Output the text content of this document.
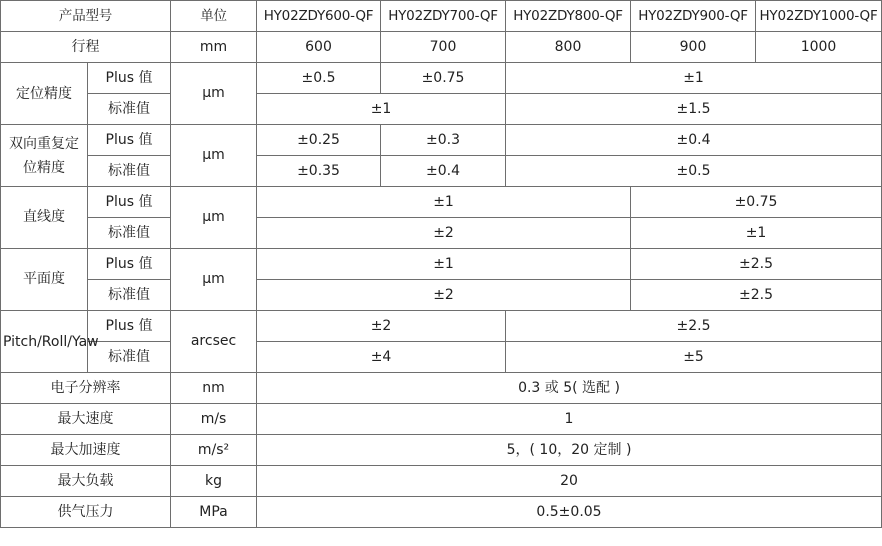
产品型号		单位	HY02ZDY600-QF	HY02ZDY700-QF	HY02ZDY800-QF	HY02ZDY900-QF	HY02ZDY1000-QF
行程		mm	600	700	800	900	1000
定位精度	Plus 值	μm	±0.5	±0.75	±1		
	标准值		±1		±1.5		
双向重复定位精度	Plus 值	μm	±0.25	±0.3	±0.4		
	标准值		±0.35	±0.4	±0.5		
直线度	Plus 值	μm	±1			±0.75	
	标准值		±2			±1	
平面度	Plus 值	μm	±1			±2.5	
	标准值		±2			±2.5	
Pitch/Roll/Yaw	Plus 值	arcsec	±2		±2.5		
	标准值		±4		±5		
电子分辨率		nm	0.3 或 5( 选配 )				
最大速度		m/s	1				
最大加速度		m/s²	5，( 10，20 定制 )				
最大负载		kg	20				
供气压力		MPa	0.5±0.05				
